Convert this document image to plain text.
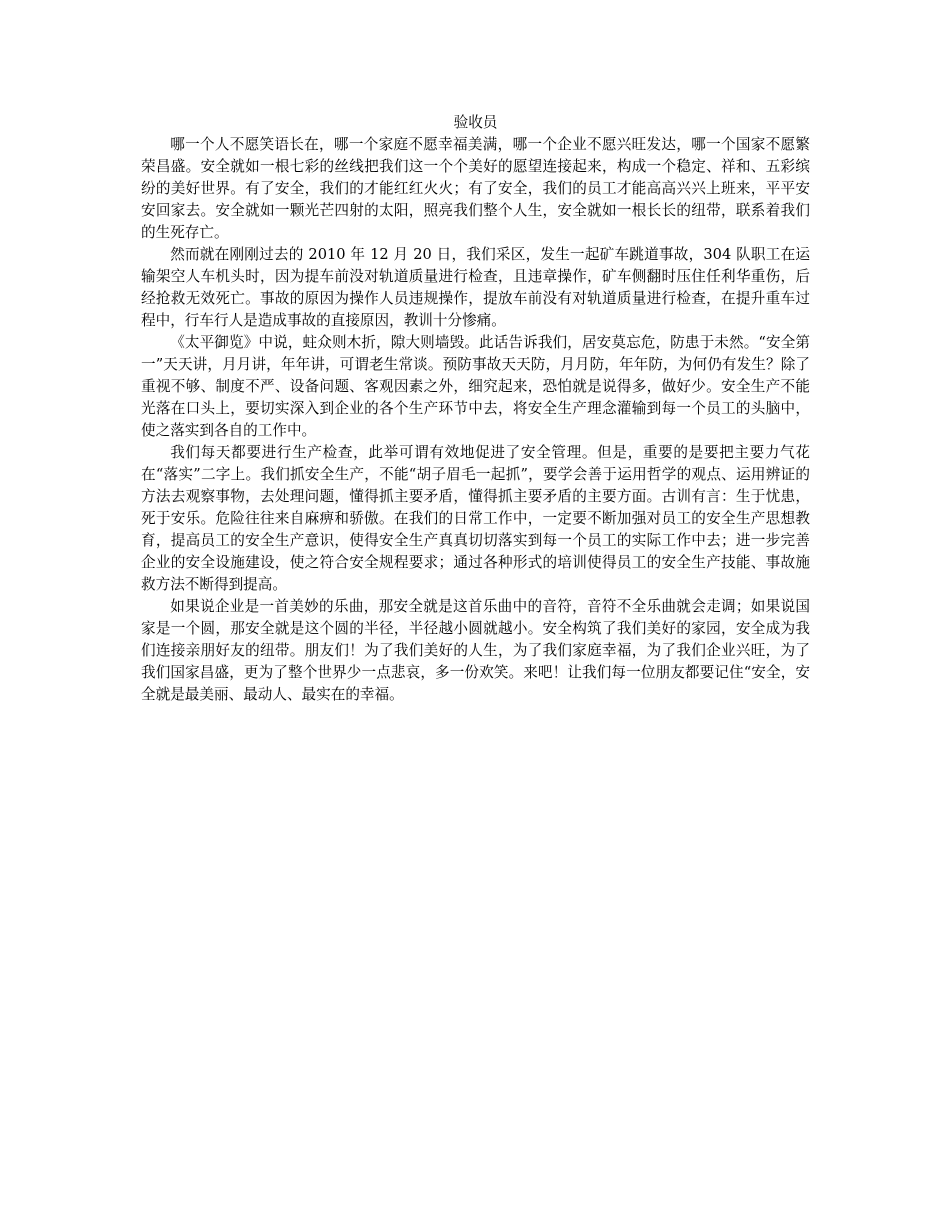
验收员

哪一个人不愿笑语长在，哪一个家庭不愿幸福美满，哪一个企业不愿兴旺发达，哪一个国家不愿繁荣昌盛。安全就如一根七彩的丝线把我们这一个个美好的愿望连接起来，构成一个稳定、祥和、五彩缤纷的美好世界。有了安全，我们的才能红红火火；有了安全，我们的员工才能高高兴兴上班来，平平安安回家去。安全就如一颗光芒四射的太阳，照亮我们整个人生，安全就如一根长长的纽带，联系着我们的生死存亡。

然而就在刚刚过去的 2010 年 12 月 20 日，我们采区，发生一起矿车跳道事故，304 队职工在运输架空人车机头时，因为提车前没对轨道质量进行检查，且违章操作，矿车侧翻时压住任利华重伤，后经抢救无效死亡。事故的原因为操作人员违规操作，提放车前没有对轨道质量进行检查，在提升重车过程中，行车行人是造成事故的直接原因，教训十分惨痛。

《太平御览》中说，蛀众则木折，隙大则墙毁。此话告诉我们，居安莫忘危，防患于未然。“安全第一”天天讲，月月讲，年年讲，可谓老生常谈。预防事故天天防，月月防，年年防，为何仍有发生？除了重视不够、制度不严、设备问题、客观因素之外，细究起来，恐怕就是说得多，做好少。安全生产不能光落在口头上，要切实深入到企业的各个生产环节中去，将安全生产理念灌输到每一个员工的头脑中，使之落实到各自的工作中。

我们每天都要进行生产检查，此举可谓有效地促进了安全管理。但是，重要的是要把主要力气花在“落实”二字上。我们抓安全生产，不能“胡子眉毛一起抓”，要学会善于运用哲学的观点、运用辨证的方法去观察事物，去处理问题，懂得抓主要矛盾，懂得抓主要矛盾的主要方面。古训有言：生于忧患，死于安乐。危险往往来自麻痹和骄傲。在我们的日常工作中，一定要不断加强对员工的安全生产思想教育，提高员工的安全生产意识，使得安全生产真真切切落实到每一个员工的实际工作中去；进一步完善企业的安全设施建设，使之符合安全规程要求；通过各种形式的培训使得员工的安全生产技能、事故施救方法不断得到提高。

如果说企业是一首美妙的乐曲，那安全就是这首乐曲中的音符，音符不全乐曲就会走调；如果说国家是一个圆，那安全就是这个圆的半径，半径越小圆就越小。安全构筑了我们美好的家园，安全成为我们连接亲朋好友的纽带。朋友们！为了我们美好的人生，为了我们家庭幸福，为了我们企业兴旺，为了我们国家昌盛，更为了整个世界少一点悲哀，多一份欢笑。来吧！让我们每一位朋友都要记住“安全，安全就是最美丽、最动人、最实在的幸福。
